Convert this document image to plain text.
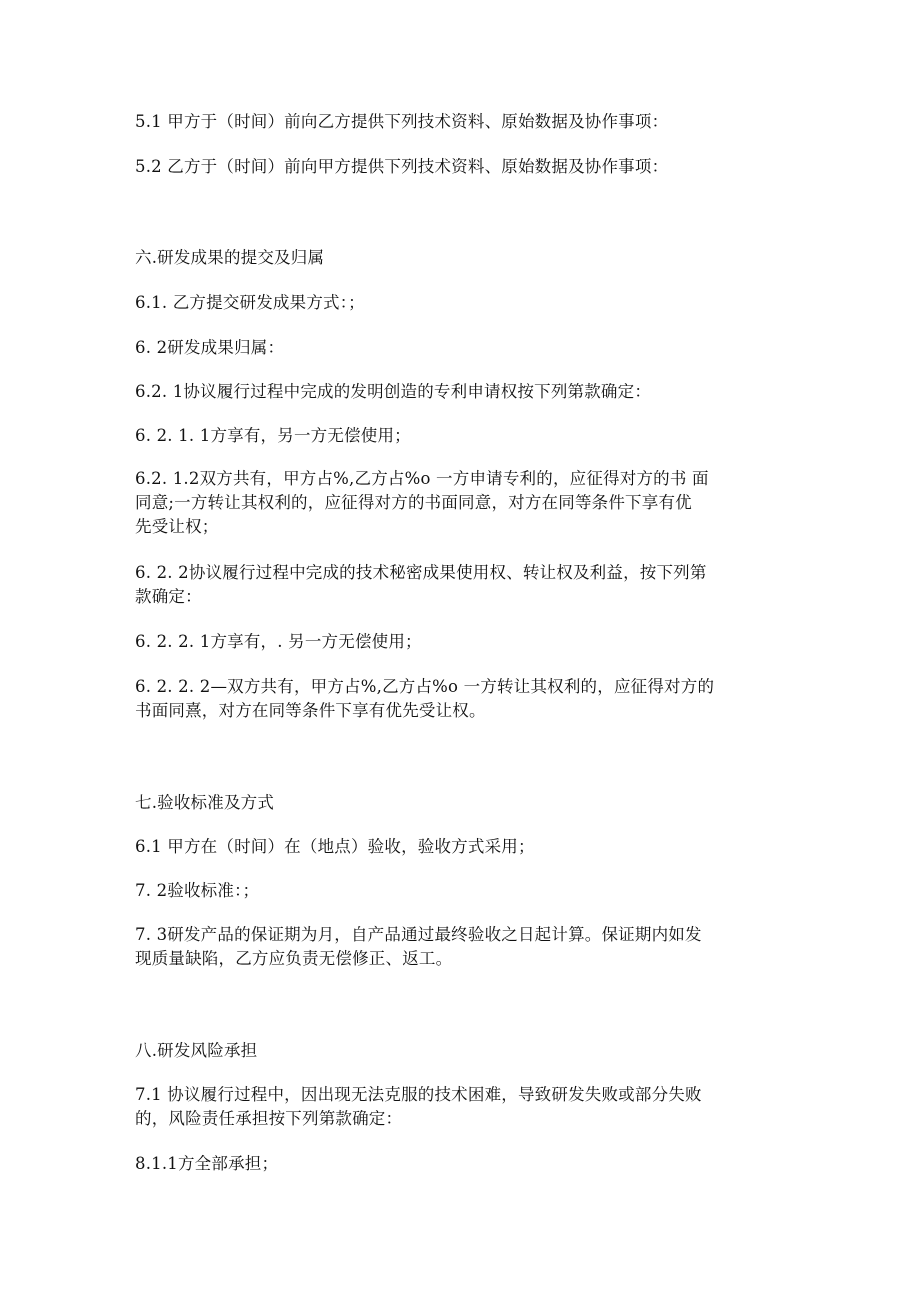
5.1 甲方于（时间）前向乙方提供下列技术资料、原始数据及协作事项：
5.2 乙方于（时间）前向甲方提供下列技术资料、原始数据及协作事项：
六.研发成果的提交及归属
6.1. 乙方提交研发成果方式：；
6. 2研发成果归属：
6.2. 1协议履行过程中完成的发明创造的专利申请权按下列第款确定：
6. 2. 1. 1方享有，另一方无偿使用；
6.2. 1.2双方共有，甲方占%,乙方占%o 一方申请专利的，应征得对方的书 面
同意;一方转让其权利的，应征得对方的书面同意，对方在同等条件下享有优
先受让权；
6. 2. 2协议履行过程中完成的技术秘密成果使用权、转让权及利益，按下列第
款确定：
6. 2. 2. 1方享有，. 另一方无偿使用；
6. 2. 2. 2—双方共有，甲方占%,乙方占%o 一方转让其权利的，应征得对方的
书面同熹，对方在同等条件下享有优先受让权。
七.验收标准及方式
6.1 甲方在（时间）在（地点）验收，验收方式采用；
7. 2验收标准：；
7. 3研发产品的保证期为月，自产品通过最终验收之日起计算。保证期内如发
现质量缺陷，乙方应负责无偿修正、返工。
八.研发风险承担
7.1 协议履行过程中，因出现无法克服的技术困难，导致研发失败或部分失败
的，风险责任承担按下列第款确定：
8.1.1方全部承担；
